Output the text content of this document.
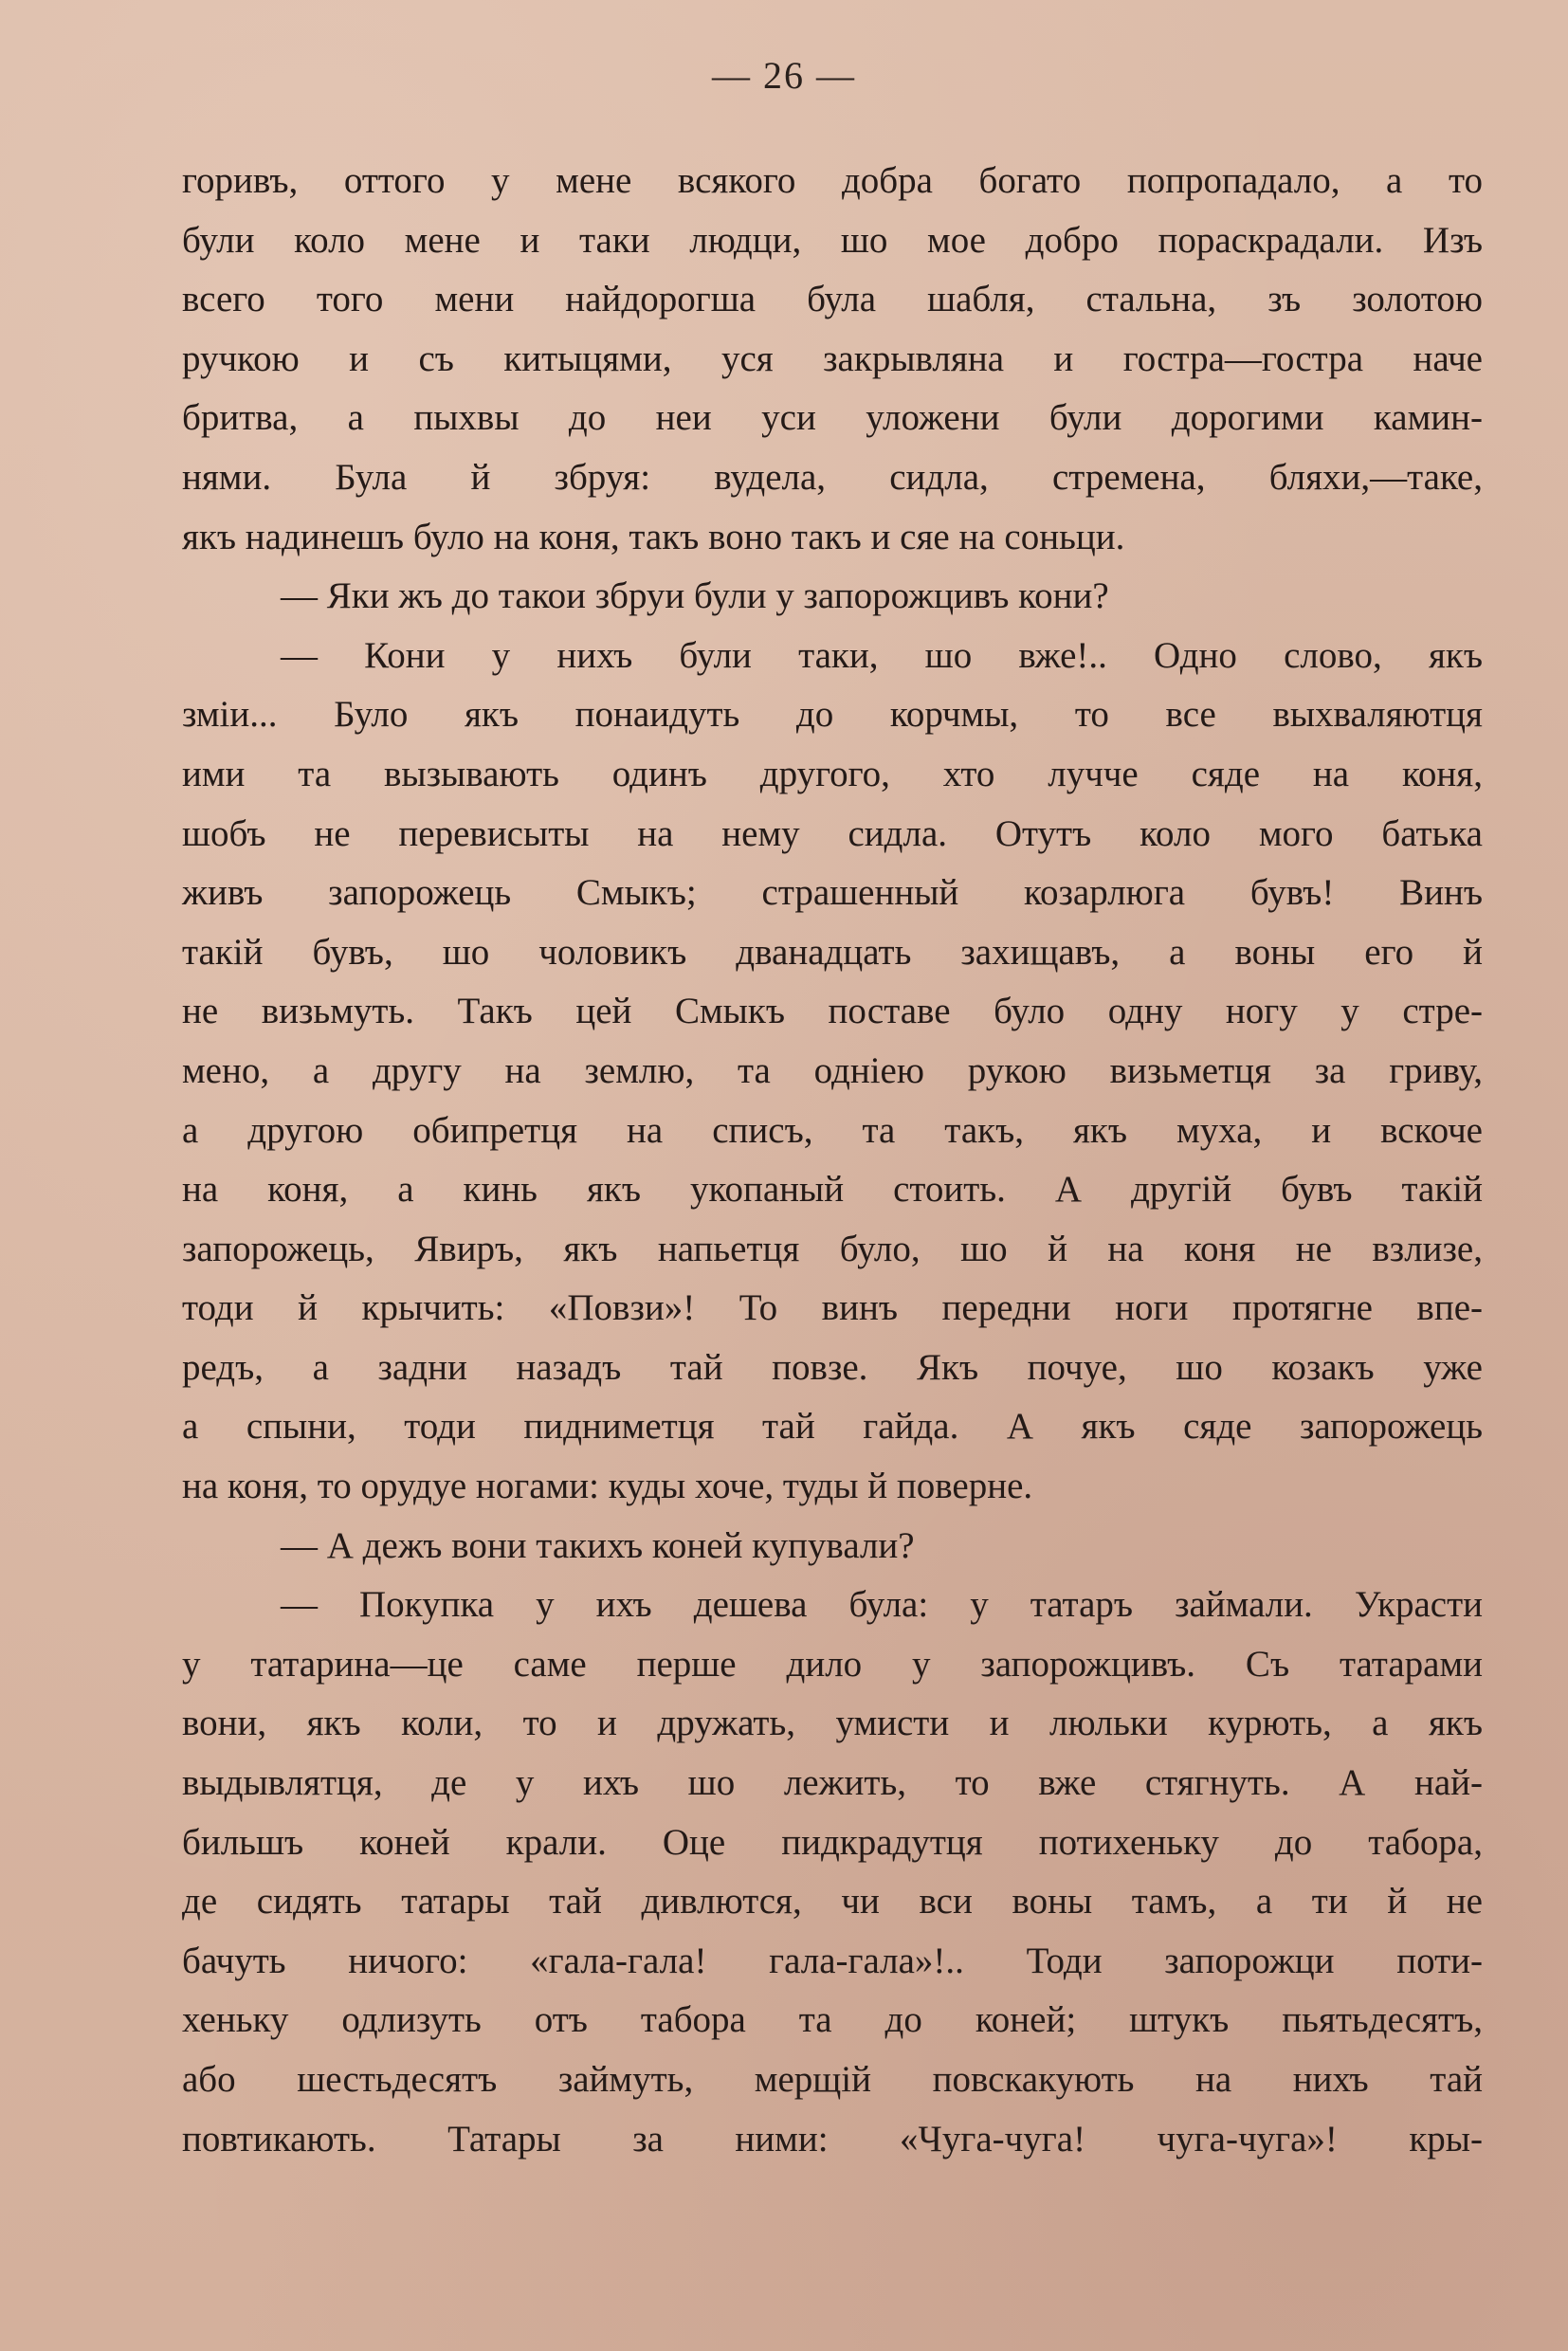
— 26 —
горивъ, оттого у мене всякого добра богато попропадало, а то
були коло мене и таки людци, шо мое добро пораскрадали. Изъ
всего того мени найдорогша була шабля, стальна, зъ золотою
ручкою и съ китыцями, уся закрывляна и гостра—гостра наче
бритва, а пыхвы до неи уси уложени були дорогими камин-
нями. Була й збруя: вудела, сидла, стремена, бляхи,—таке,
якъ надинешъ було на коня, такъ воно такъ и сяе на соньци.
— Яки жъ до такои збруи були у запорожцивъ кони?
— Кони у нихъ були таки, шо вже!.. Одно слово, якъ
змiи... Було якъ понаидуть до корчмы, то все выхваляютця
ими та вызывають одинъ другого, хто лучче сяде на коня,
шобъ не перевисыты на нему сидла. Отутъ коло мого батька
живъ запорожець Смыкъ; страшенный козарлюга бувъ! Винъ
такiй бувъ, шо чоловикъ дванадцать захищавъ, а воны его й
не визьмуть. Такъ цей Смыкъ поставе було одну ногу у стре-
мено, а другу на землю, та однiею рукою визьметця за гриву,
а другою обипретця на списъ, та такъ, якъ муха, и вскоче
на коня, а кинь якъ укопаный стоить. А другiй бувъ такiй
запорожець, Явиръ, якъ напьетця було, шо й на коня не взлизе,
тоди й крычить: «Повзи»! То винъ передни ноги протягне впе-
редъ, а задни назадъ тай повзе. Якъ почуе, шо козакъ уже
а спыни, тоди пидниметця тай гайда. А якъ сяде запорожець
на коня, то орудуе ногами: куды хоче, туды й поверне.
— А дежъ вони такихъ коней купували?
— Покупка у ихъ дешева була: у татаръ займали. Украсти
у татарина—це саме перше дило у запорожцивъ. Съ татарами
вони, якъ коли, то и дружать, умисти и люльки курють, а якъ
выдывлятця, де у ихъ шо лежить, то вже стягнуть. А най-
бильшъ коней крали. Оце пидкрадутця потихеньку до табора,
де сидять татары тай дивлются, чи вси воны тамъ, а ти й не
бачуть ничого: «гала-гала! гала-гала»!.. Тоди запорожци поти-
хеньку одлизуть отъ табора та до коней; штукъ пьятьдесятъ,
або шестьдесятъ займуть, мерщiй повскакують на нихъ тай
повтикають. Татары за ними: «Чуга-чуга! чуга-чуга»! кры-
